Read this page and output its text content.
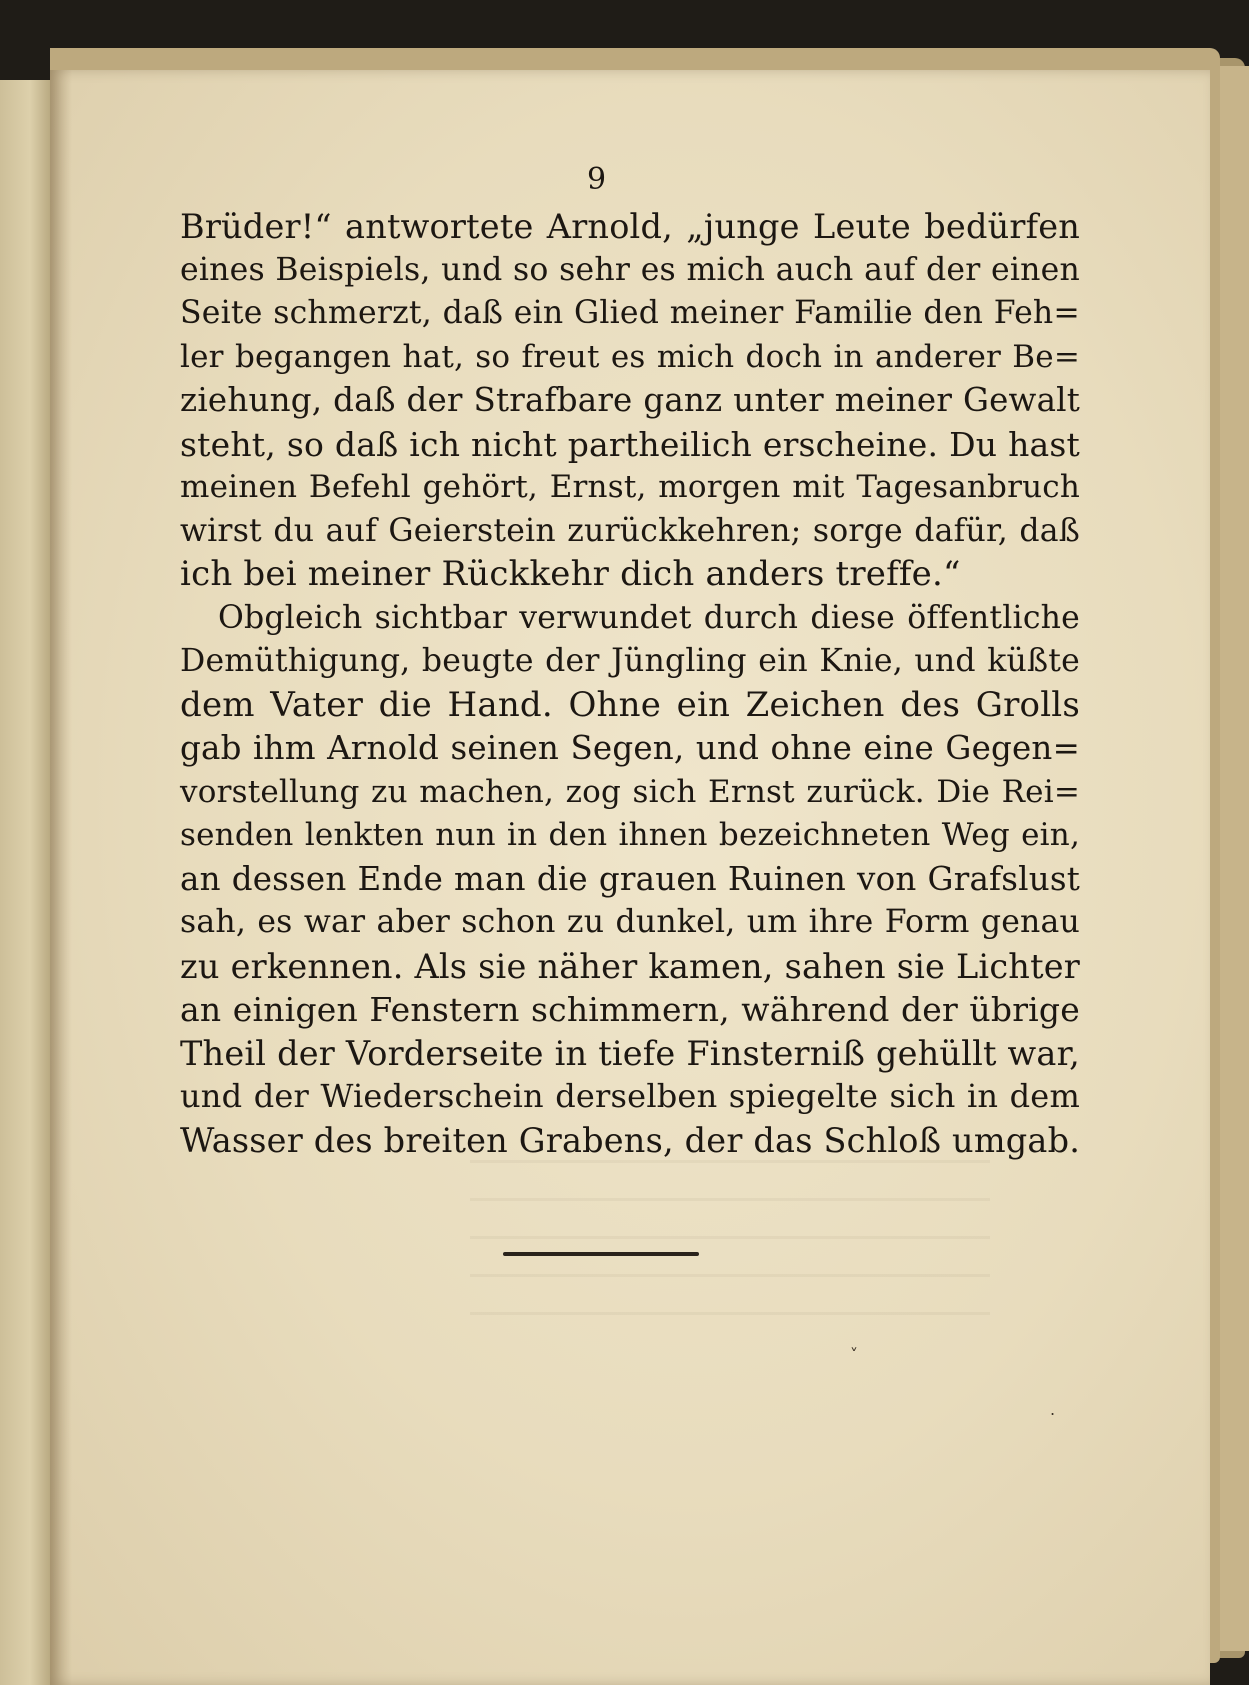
9
Brüder!“ antwortete Arnold, „junge Leute bedürfen
eines Beispiels, und so sehr es mich auch auf der einen
Seite schmerzt, daß ein Glied meiner Familie den Feh=
ler begangen hat, so freut es mich doch in anderer Be=
ziehung, daß der Strafbare ganz unter meiner Gewalt
steht, so daß ich nicht partheilich erscheine. Du hast
meinen Befehl gehört, Ernst, morgen mit Tagesanbruch
wirst du auf Geierstein zurückkehren; sorge dafür, daß
ich bei meiner Rückkehr dich anders treffe.“
Obgleich sichtbar verwundet durch diese öffentliche
Demüthigung, beugte der Jüngling ein Knie, und küßte
dem Vater die Hand. Ohne ein Zeichen des Grolls
gab ihm Arnold seinen Segen, und ohne eine Gegen=
vorstellung zu machen, zog sich Ernst zurück. Die Rei=
senden lenkten nun in den ihnen bezeichneten Weg ein,
an dessen Ende man die grauen Ruinen von Grafslust
sah, es war aber schon zu dunkel, um ihre Form genau
zu erkennen. Als sie näher kamen, sahen sie Lichter
an einigen Fenstern schimmern, während der übrige
Theil der Vorderseite in tiefe Finsterniß gehüllt war,
und der Wiederschein derselben spiegelte sich in dem
Wasser des breiten Grabens, der das Schloß umgab.
˅
.
